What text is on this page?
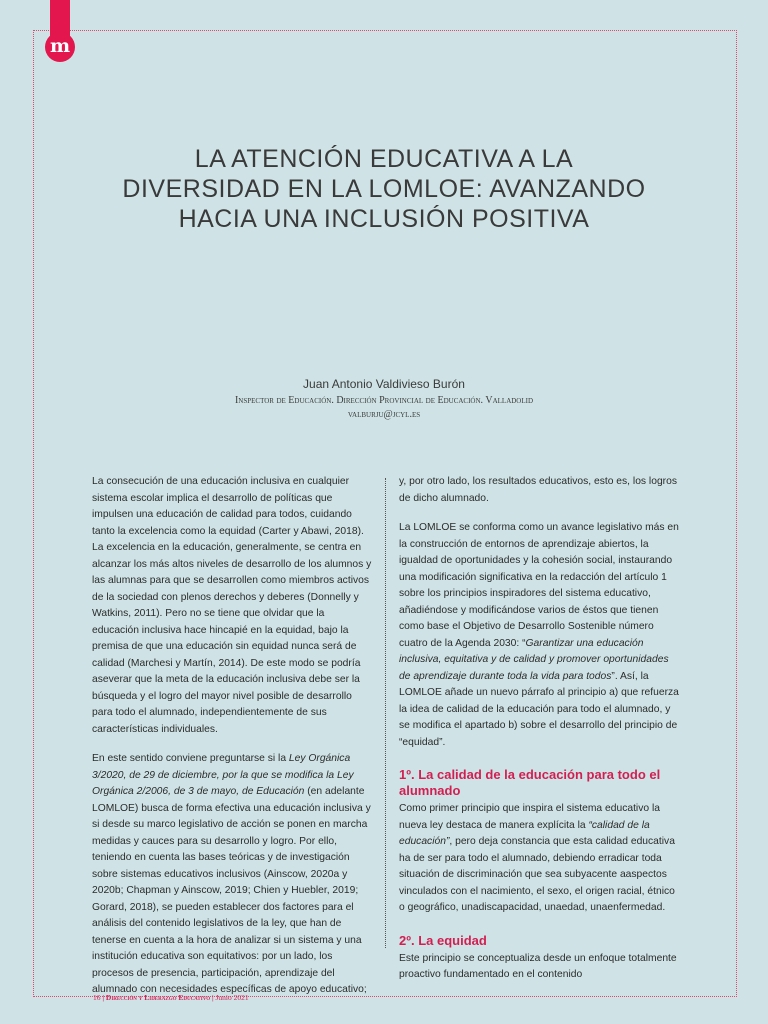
m
LA ATENCIÓN EDUCATIVA A LA DIVERSIDAD EN LA LOMLOE: AVANZANDO HACIA UNA INCLUSIÓN POSITIVA
Juan Antonio Valdivieso Burón
Inspector de Educación. Dirección Provincial de Educación. Valladolid
valburju@jcyl.es

La consecución de una educación inclusiva en cualquier sistema escolar implica el desarrollo de políticas que impulsen una educación de calidad para todos, cuidando tanto la excelencia como la equidad (Carter y Abawi, 2018). La excelencia en la educación, generalmente, se centra en alcanzar los más altos niveles de desarrollo de los alumnos y las alumnas para que se desarrollen como miembros activos de la sociedad con plenos derechos y deberes (Donnelly y Watkins, 2011). Pero no se tiene que olvidar que la educación inclusiva hace hincapié en la equidad, bajo la premisa de que una educación sin equidad nunca será de calidad (Marchesi y Martín, 2014). De este modo se podría aseverar que la meta de la educación inclusiva debe ser la búsqueda y el logro del mayor nivel posible de desarrollo para todo el alumnado, independientemente de sus características individuales.

En este sentido conviene preguntarse si la Ley Orgánica 3/2020, de 29 de diciembre, por la que se modifica la Ley Orgánica 2/2006, de 3 de mayo, de Educación (en adelante LOMLOE) busca de forma efectiva una educación inclusiva y si desde su marco legislativo de acción se ponen en marcha medidas y cauces para su desarrollo y logro. Por ello, teniendo en cuenta las bases teóricas y de investigación sobre sistemas educativos inclusivos (Ainscow, 2020a y 2020b; Chapman y Ainscow, 2019; Chien y Huebler, 2019; Gorard, 2018), se pueden establecer dos factores para el análisis del contenido legislativos de la ley, que han de tenerse en cuenta a la hora de analizar si un sistema y una institución educativa son equitativos: por un lado, los procesos de presencia, participación, aprendizaje del alumnado con necesidades específicas de apoyo educativo;

y, por otro lado, los resultados educativos, esto es, los logros de dicho alumnado.

La LOMLOE se conforma como un avance legislativo más en la construcción de entornos de aprendizaje abiertos, la igualdad de oportunidades y la cohesión social, instaurando una modificación significativa en la redacción del artículo 1 sobre los principios inspiradores del sistema educativo, añadiéndose y modificándose varios de éstos que tienen como base el Objetivo de Desarrollo Sostenible número cuatro de la Agenda 2030: “Garantizar una educación inclusiva, equitativa y de calidad y promover oportunidades de aprendizaje durante toda la vida para todos”. Así, la LOMLOE añade un nuevo párrafo al principio a) que refuerza la idea de calidad de la educación para todo el alumnado, y se modifica el apartado b) sobre el desarrollo del principio de “equidad”.

1º. La calidad de la educación para todo el alumnado

Como primer principio que inspira el sistema educativo la nueva ley destaca de manera explícita la “calidad de la educación”, pero deja constancia que esta calidad educativa ha de ser para todo el alumnado, debiendo erradicar toda situación de discriminación que sea subyacente aaspectos vinculados con el nacimiento, el sexo, el origen racial, étnico o geográfico, unadiscapacidad, unaedad, unaenfermedad.

2º. La equidad

Este principio se conceptualiza desde un enfoque totalmente proactivo fundamentado en el contenido

16 | Dirección y Liderazgo Educativo | Junio 2021
